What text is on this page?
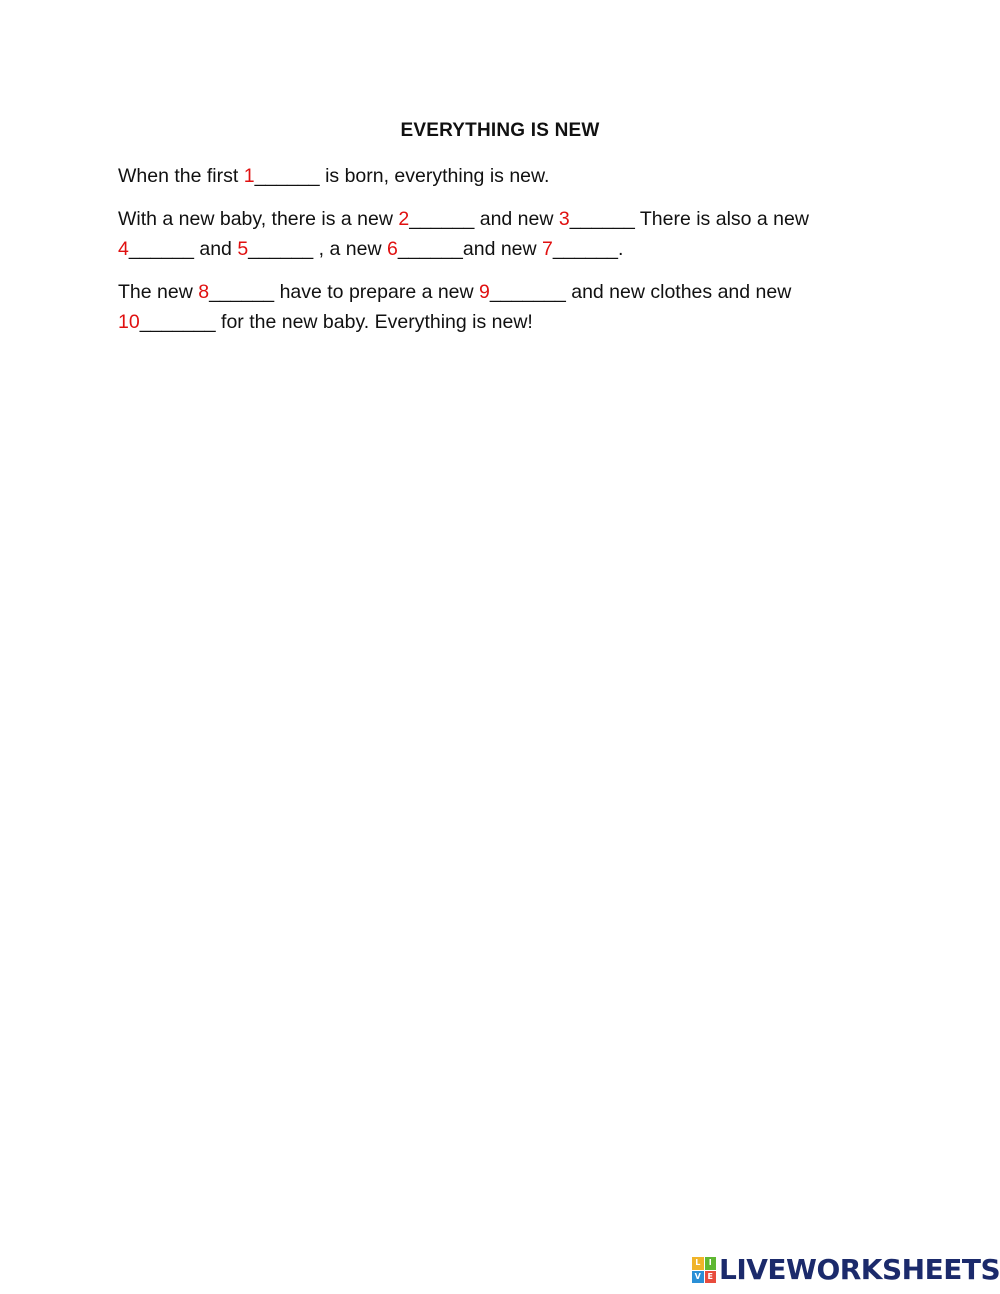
EVERYTHING IS NEW

When the first 1______ is born, everything is new.

With a new baby, there is a new 2______ and new 3______ There is also a new 4______ and 5______ , a new 6______and new 7______.

The new 8______ have to prepare a new 9_______ and new clothes and new 10_______ for the new baby. Everything is new!

L	I
V E LIVEWORKSHEETS
